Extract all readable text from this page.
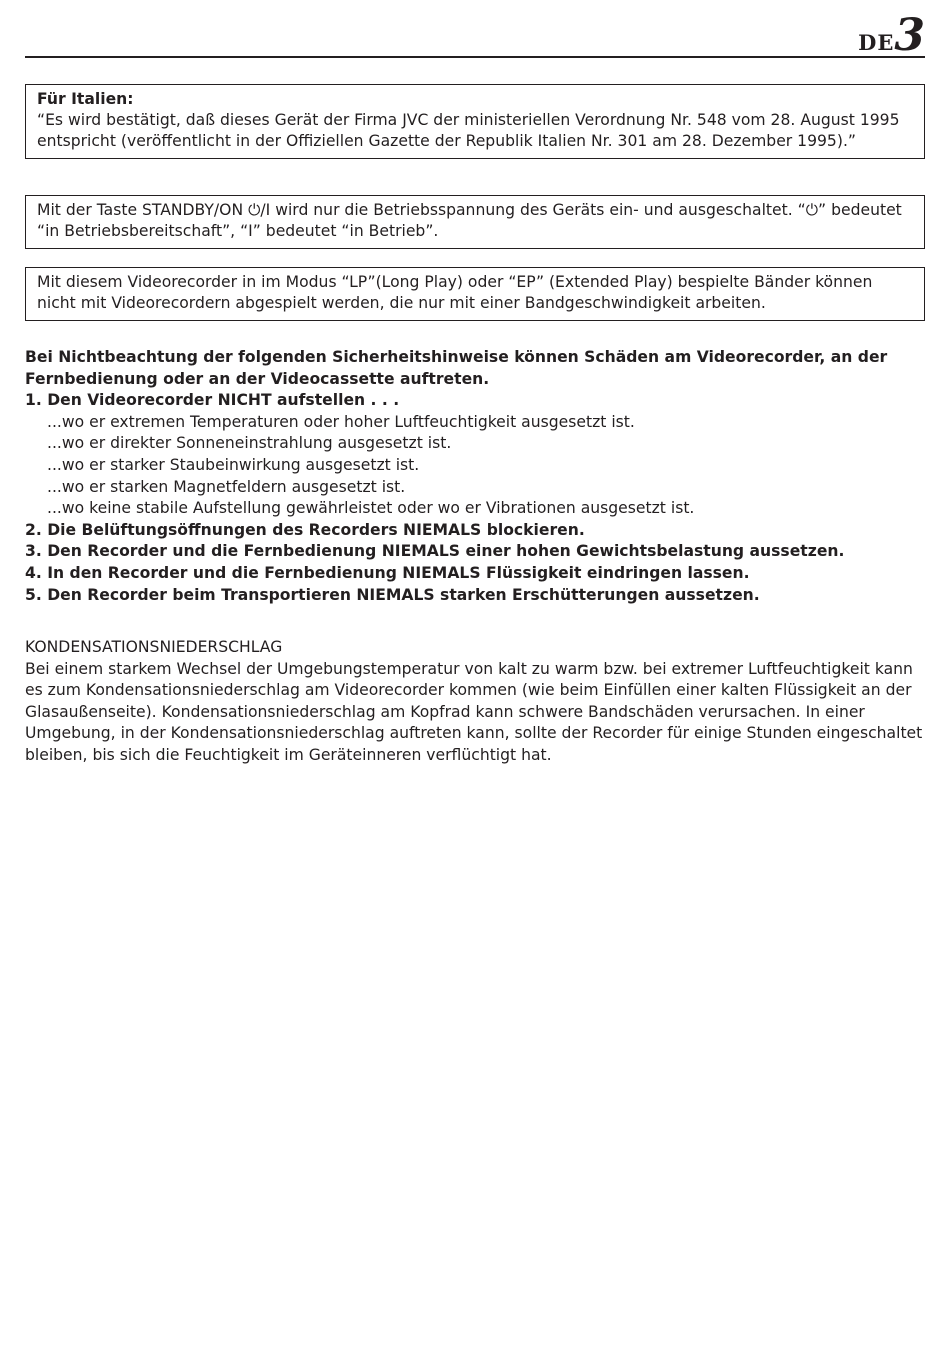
DE3
Für Italien:
“Es wird bestätigt, daß dieses Gerät der Firma JVC der ministeriellen Verordnung Nr. 548 vom 28. August 1995 entspricht (veröffentlicht in der Offiziellen Gazette der Republik Italien Nr. 301 am 28. Dezember 1995).”
Mit der Taste STANDBY/ON ⏻/I wird nur die Betriebsspannung des Geräts ein- und ausgeschaltet. “⏻” bedeutet “in Betriebsbereitschaft”, “I” bedeutet “in Betrieb”.
Mit diesem Videorecorder in im Modus “LP”(Long Play) oder “EP” (Extended Play) bespielte Bänder können nicht mit Videorecordern abgespielt werden, die nur mit einer Bandgeschwindigkeit arbeiten.
Bei Nichtbeachtung der folgenden Sicherheitshinweise können Schäden am Videorecorder, an der Fernbedienung oder an der Videocassette auftreten.
1. Den Videorecorder NICHT aufstellen . . .
...wo er extremen Temperaturen oder hoher Luftfeuchtigkeit ausgesetzt ist.
...wo er direkter Sonneneinstrahlung ausgesetzt ist.
...wo er starker Staubeinwirkung ausgesetzt ist.
...wo er starken Magnetfeldern ausgesetzt ist.
...wo keine stabile Aufstellung gewährleistet oder wo er Vibrationen ausgesetzt ist.
2. Die Belüftungsöffnungen des Recorders NIEMALS blockieren.
3. Den Recorder und die Fernbedienung NIEMALS einer hohen Gewichtsbelastung aussetzen.
4. In den Recorder und die Fernbedienung NIEMALS Flüssigkeit eindringen lassen.
5. Den Recorder beim Transportieren NIEMALS starken Erschütterungen aussetzen.
KONDENSATIONSNIEDERSCHLAG
Bei einem starkem Wechsel der Umgebungstemperatur von kalt zu warm bzw. bei extremer Luftfeuchtigkeit kann es zum Kondensationsniederschlag am Videorecorder kommen (wie beim Einfüllen einer kalten Flüssigkeit an der Glasaußenseite). Kondensationsniederschlag am Kopfrad kann schwere Bandschäden verursachen. In einer Umgebung, in der Kondensationsniederschlag auftreten kann, sollte der Recorder für einige Stunden eingeschaltet bleiben, bis sich die Feuchtigkeit im Geräteinneren verflüchtigt hat.
